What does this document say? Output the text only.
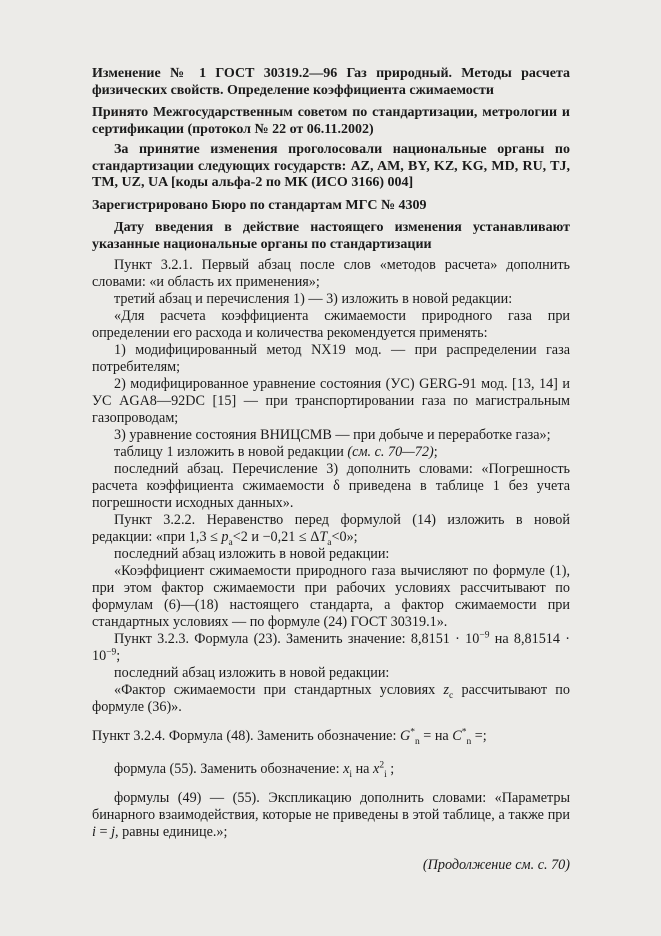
Изменение № 1 ГОСТ 30319.2—96 Газ природный. Методы расчета физических свойств. Определение коэффициента сжимаемости

Принято Межгосударственным советом по стандартизации, метрологии и сертификации (протокол № 22 от 06.11.2002)

За принятие изменения проголосовали национальные органы по стандартизации следующих государств: AZ, AM, BY, KZ, KG, MD, RU, TJ, TM, UZ, UA [коды альфа-2 по МК (ИСО 3166) 004]

Зарегистрировано Бюро по стандартам МГС № 4309

Дату введения в действие настоящего изменения устанавливают указанные национальные органы по стандартизации

Пункт 3.2.1. Первый абзац после слов «методов расчета» дополнить словами: «и область их применения»;

третий абзац и перечисления 1) — 3) изложить в новой редакции:

«Для расчета коэффициента сжимаемости природного газа при определении его расхода и количества рекомендуется применять:

1) модифицированный метод NX19 мод. — при распределении газа потребителям;

2) модифицированное уравнение состояния (УС) GERG-91 мод. [13, 14] и УС AGA8—92DC [15] — при транспортировании газа по магистральным газопроводам;

3) уравнение состояния ВНИЦСМВ — при добыче и переработке газа»;

таблицу 1 изложить в новой редакции (см. с. 70—72);

последний абзац. Перечисление 3) дополнить словами: «Погрешность расчета коэффициента сжимаемости δ приведена в таблице 1 без учета погрешности исходных данных».

Пункт 3.2.2. Неравенство перед формулой (14) изложить в новой редакции: «при $1,3 \le p_a<2$ $и -0,21 \le \Delta T_a<0$»;

последний абзац изложить в новой редакции:

«Коэффициент сжимаемости природного газа вычисляют по формуле (1), при этом фактор сжимаемости при рабочих условиях рассчитывают по формулам (6)—(18) настоящего стандарта, а фактор сжимаемости при стандартных условиях — по формуле (24) ГОСТ 30319.1».

Пункт 3.2.3. Формула (23). Заменить значение: $8,8151 \cdot 10^{-9}$ на $8,81514 \cdot 10^{-9}$;

последний абзац изложить в новой редакции:

«Фактор сжимаемости при стандартных условиях $z_c$ рассчитывают по формуле (36)».

Пункт 3.2.4. Формула (48). Заменить обозначение: $G^*_n$ = на $C^*_n$ =;

формула (55). Заменить обозначение: $x_i$ на $x^2_i$ ;

формулы (49) — (55). Экспликацию дополнить словами: «Параметры бинарного взаимодействия, которые не приведены в этой таблице, а также при i = j, равны единице.»;

(Продолжение см. с. 70)
